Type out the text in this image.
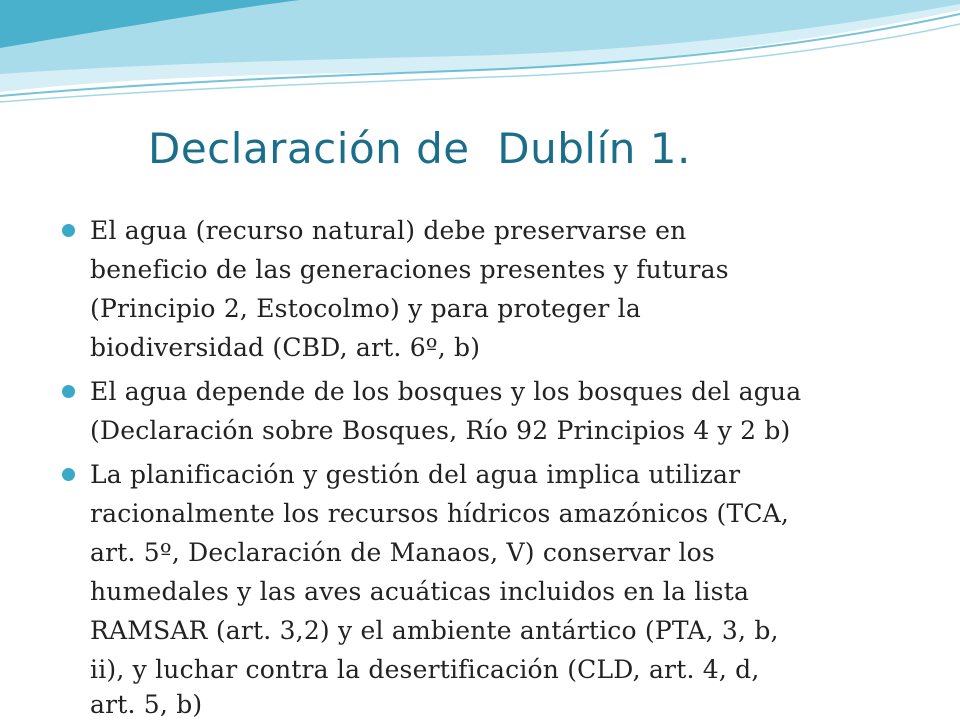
Declaración de  Dublín 1.
El agua (recurso natural) debe preservarse en
beneficio de las generaciones presentes y futuras
(Principio 2, Estocolmo) y para proteger la
biodiversidad (CBD, art. 6º, b)
El agua depende de los bosques y los bosques del agua
(Declaración sobre Bosques, Río 92 Principios 4 y 2 b)
La planificación y gestión del agua implica utilizar
racionalmente los recursos hídricos amazónicos (TCA,
art. 5º, Declaración de Manaos, V) conservar los
humedales y las aves acuáticas incluidos en la lista
RAMSAR (art. 3,2) y el ambiente antártico (PTA, 3, b,
ii), y luchar contra la desertificación (CLD, art. 4, d,
art. 5, b)
